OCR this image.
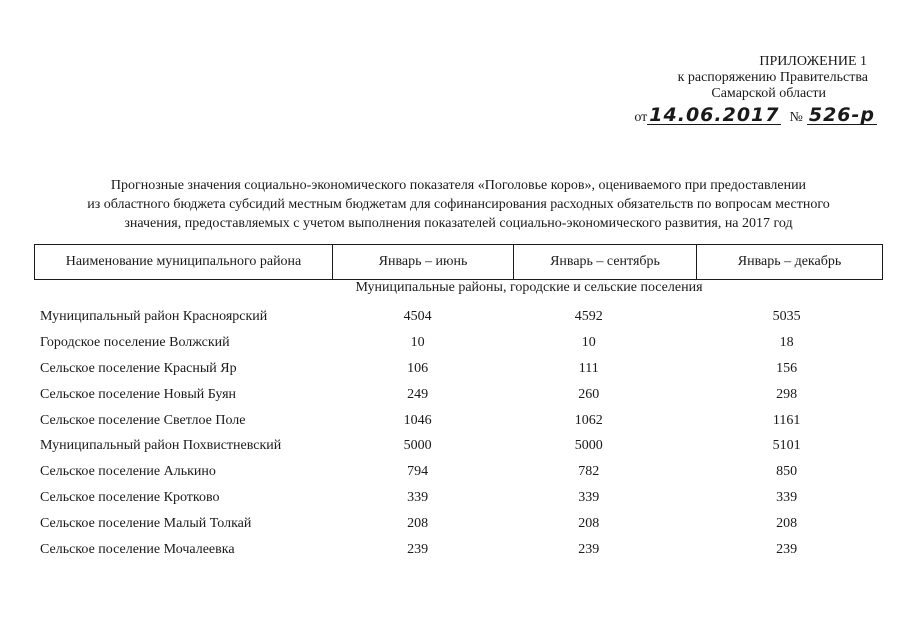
ПРИЛОЖЕНИЕ 1
к распоряжению Правительства
Самарской области
от 14.06.2017 № 526-р
Прогнозные значения социально-экономического показателя «Поголовье коров», оцениваемого при предоставлении
из областного бюджета субсидий местным бюджетам для софинансирования расходных обязательств по вопросам местного
значения, предоставляемых с учетом выполнения показателей социально-экономического развития, на 2017 год
Наименование муниципального района	Январь – июнь	Январь – сентябрь	Январь – декабрь
Муниципальные районы, городские и сельские поселения
Муниципальный район Красноярский	4504	4592	5035
Городское поселение Волжский	10	10	18
Сельское поселение Красный Яр	106	111	156
Сельское поселение Новый Буян	249	260	298
Сельское поселение Светлое Поле	1046	1062	1161
Муниципальный район Похвистневский	5000	5000	5101
Сельское поселение Алькино	794	782	850
Сельское поселение Кротково	339	339	339
Сельское поселение Малый Толкай	208	208	208
Сельское поселение Мочалеевка	239	239	239
